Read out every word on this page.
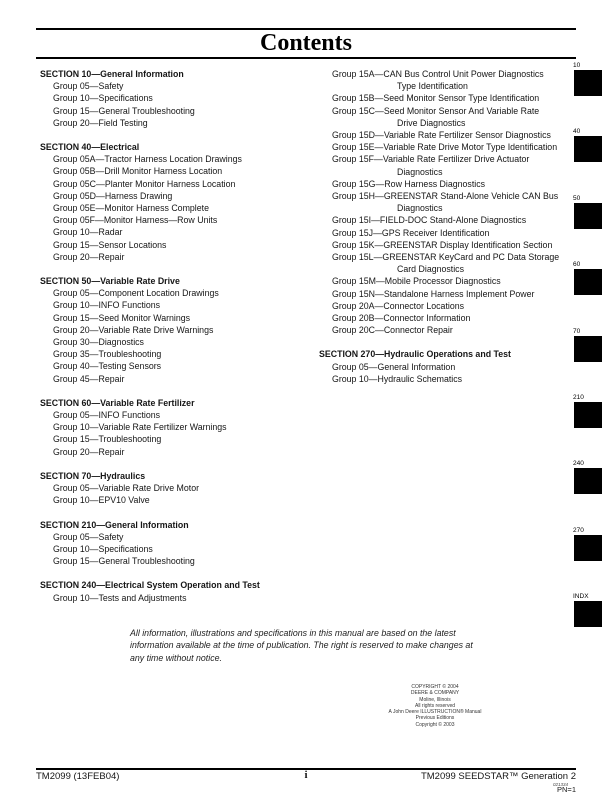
Contents
SECTION 10—General Information
Group 05—Safety
Group 10—Specifications
Group 15—General Troubleshooting
Group 20—Field Testing
SECTION 40—Electrical
Group 05A—Tractor Harness Location Drawings
Group 05B—Drill Monitor Harness Location
Group 05C—Planter Monitor Harness Location
Group 05D—Harness Drawing
Group 05E—Monitor Harness Complete
Group 05F—Monitor Harness—Row Units
Group 10—Radar
Group 15—Sensor Locations
Group 20—Repair
SECTION 50—Variable Rate Drive
Group 05—Component Location Drawings
Group 10—INFO Functions
Group 15—Seed Monitor Warnings
Group 20—Variable Rate Drive Warnings
Group 30—Diagnostics
Group 35—Troubleshooting
Group 40—Testing Sensors
Group 45—Repair
SECTION 60—Variable Rate Fertilizer
Group 05—INFO Functions
Group 10—Variable Rate Fertilizer Warnings
Group 15—Troubleshooting
Group 20—Repair
SECTION 70—Hydraulics
Group 05—Variable Rate Drive Motor
Group 10—EPV10 Valve
SECTION 210—General Information
Group 05—Safety
Group 10—Specifications
Group 15—General Troubleshooting
SECTION 240—Electrical System Operation and Test
Group 10—Tests and Adjustments
Group 15A—CAN Bus Control Unit Power Diagnostics Type Identification
Group 15B—Seed Monitor Sensor Type Identification
Group 15C—Seed Monitor Sensor And Variable Rate Drive Diagnostics
Group 15D—Variable Rate Fertilizer Sensor Diagnostics
Group 15E—Variable Rate Drive Motor Type Identification
Group 15F—Variable Rate Fertilizer Drive Actuator Diagnostics
Group 15G—Row Harness Diagnostics
Group 15H—GREENSTAR Stand-Alone Vehicle CAN Bus Diagnostics
Group 15I—FIELD-DOC Stand-Alone Diagnostics
Group 15J—GPS Receiver Identification
Group 15K—GREENSTAR Display Identification Section
Group 15L—GREENSTAR KeyCard and PC Data Storage Card Diagnostics
Group 15M—Mobile Processor Diagnostics
Group 15N—Standalone Harness Implement Power
Group 20A—Connector Locations
Group 20B—Connector Information
Group 20C—Connector Repair
SECTION 270—Hydraulic Operations and Test
Group 05—General Information
Group 10—Hydraulic Schematics

All information, illustrations and specifications in this manual are based on the latest information available at the time of publication. The right is reserved to make changes at any time without notice.

COPYRIGHT © 2004
DEERE & COMPANY
Moline, Illinois
All rights reserved
A John Deere ILLUSTRUCTION® Manual
Previous Editions
Copyright © 2003
TM2099 (13FEB04)	i	TM2099 SEEDSTAR™ Generation 2
021334
PN=1
10
40
50
60
70
210
240
270
INDX
